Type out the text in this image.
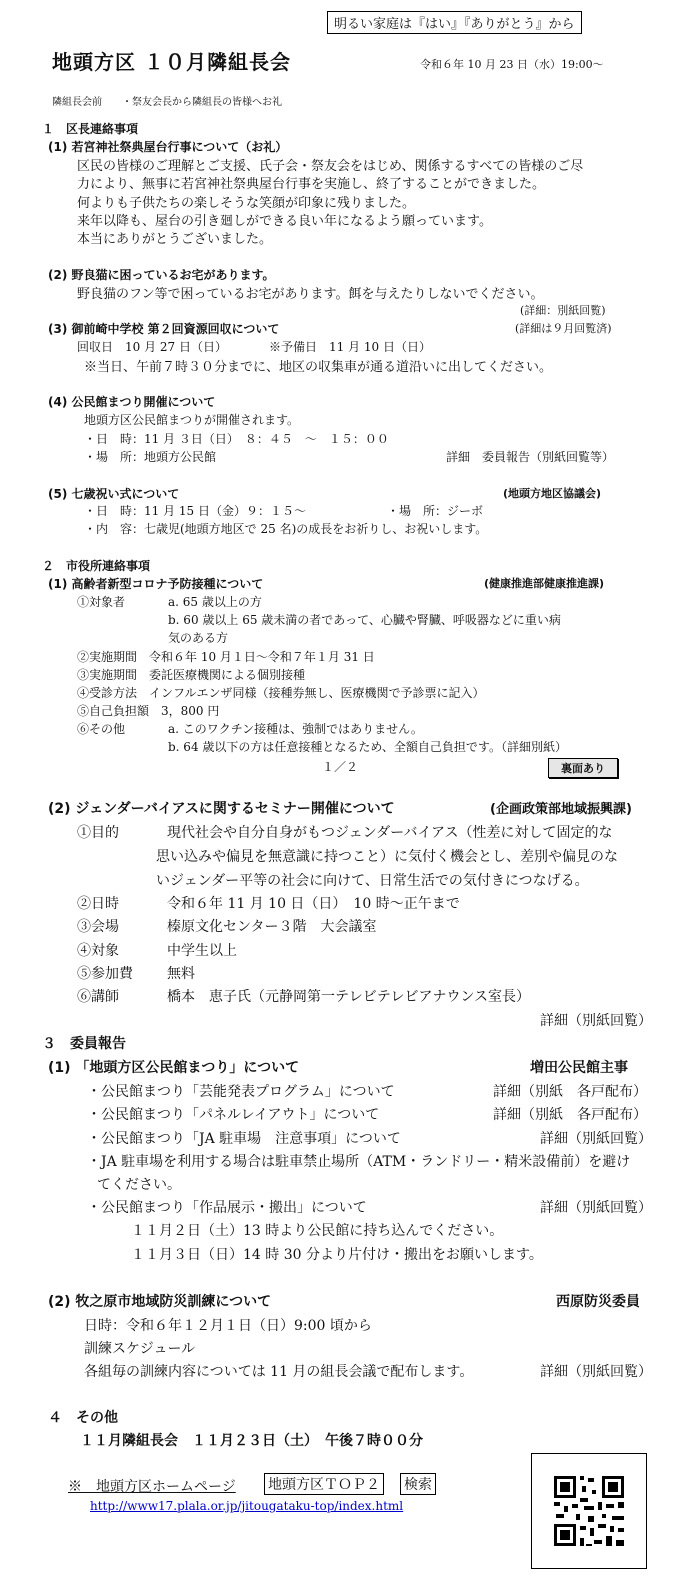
明るい家庭は『はい』『ありがとう』から
地頭方区 １０月隣組長会	令和６年 10 月 23 日（水）19:00～
隣組長会前　　・祭友会長から隣組長の皆様へお礼
１　区長連絡事項
(1) 若宮神社祭典屋台行事について（お礼）
区民の皆様のご理解とご支援、氏子会・祭友会をはじめ、関係するすべての皆様のご尽
力により、無事に若宮神社祭典屋台行事を実施し、終了することができました。
何よりも子供たちの楽しそうな笑顔が印象に残りました。
来年以降も、屋台の引き廻しができる良い年になるよう願っています。
本当にありがとうございました。
(2) 野良猫に困っているお宅があります。
野良猫のフン等で困っているお宅があります。餌を与えたりしないでください。
(詳細：別紙回覧)
(3) 御前崎中学校 第２回資源回収について	(詳細は９月回覧済)
回収日　10 月 27 日（日）　　　　※予備日　11 月 10 日（日）
※当日、午前７時３０分までに、地区の収集車が通る道沿いに出してください。
(4) 公民館まつり開催について
地頭方区公民館まつりが開催されます。
・日　時：11 月 ３日（日）　８：４５　～　１５：００
・場　所：地頭方公民館	詳細　委員報告（別紙回覧等）
(5) 七歳祝い式について	(地頭方地区協議会)
・日　時：11 月 15 日（金）９：１５～	・場　所：ジーボ
・内　容：七歳児(地頭方地区で 25 名)の成長をお祈りし、お祝いします。
２　市役所連絡事項
(1) 高齢者新型コロナ予防接種について	(健康推進部健康推進課)
①対象者	a. 65 歳以上の方
b. 60 歳以上 65 歳未満の者であって、心臓や腎臓、呼吸器などに重い病
気のある方
②実施期間　令和６年 10 月１日～令和７年１月 31 日
③実施期間　委託医療機関による個別接種
④受診方法　インフルエンザ同様（接種券無し、医療機関で予診票に記入）
⑤自己負担額　3，800 円
⑥その他	a. このワクチン接種は、強制ではありません。
b. 64 歳以下の方は任意接種となるため、全額自己負担です。（詳細別紙）
１／２	裏面あり
(2) ジェンダーバイアスに関するセミナー開催について	(企画政策部地域振興課)
①目的	現代社会や自分自身がもつジェンダーバイアス（性差に対して固定的な
思い込みや偏見を無意識に持つこと）に気付く機会とし、差別や偏見のな
いジェンダー平等の社会に向けて、日常生活での気付きにつなげる。
②日時	令和６年 11 月 10 日（日）　10 時～正午まで
③会場	榛原文化センター３階　大会議室
④対象	中学生以上
⑤参加費 無料
⑥講師	橋本　恵子氏（元静岡第一テレビテレビアナウンス室長）
詳細（別紙回覧）
３　委員報告
(1) 「地頭方区公民館まつり」について	増田公民館主事
・公民館まつり「芸能発表プログラム」について	詳細（別紙　各戸配布）
・公民館まつり「パネルレイアウト」について	詳細（別紙　各戸配布）
・公民館まつり「JA 駐車場　注意事項」について	詳細（別紙回覧）
・JA 駐車場を利用する場合は駐車禁止場所（ATM・ランドリー・精米設備前）を避け
てください。
・公民館まつり「作品展示・搬出」について	詳細（別紙回覧）
１１月２日（土）13 時より公民館に持ち込んでください。
１１月３日（日）14 時 30 分より片付け・搬出をお願いします。
(2) 牧之原市地域防災訓練について	西原防災委員
日時：令和６年１２月１日（日）9:00 頃から
訓練スケジュール
各組毎の訓練内容については 11 月の組長会議で配布します。	詳細（別紙回覧）
４　その他
１１月隣組長会　１１月２３日（土）　午後７時００分
※　地頭方区ホームページ 地頭方区ＴＯＰ２ 検索
http://www17.plala.or.jp/jitougataku-top/index.html
